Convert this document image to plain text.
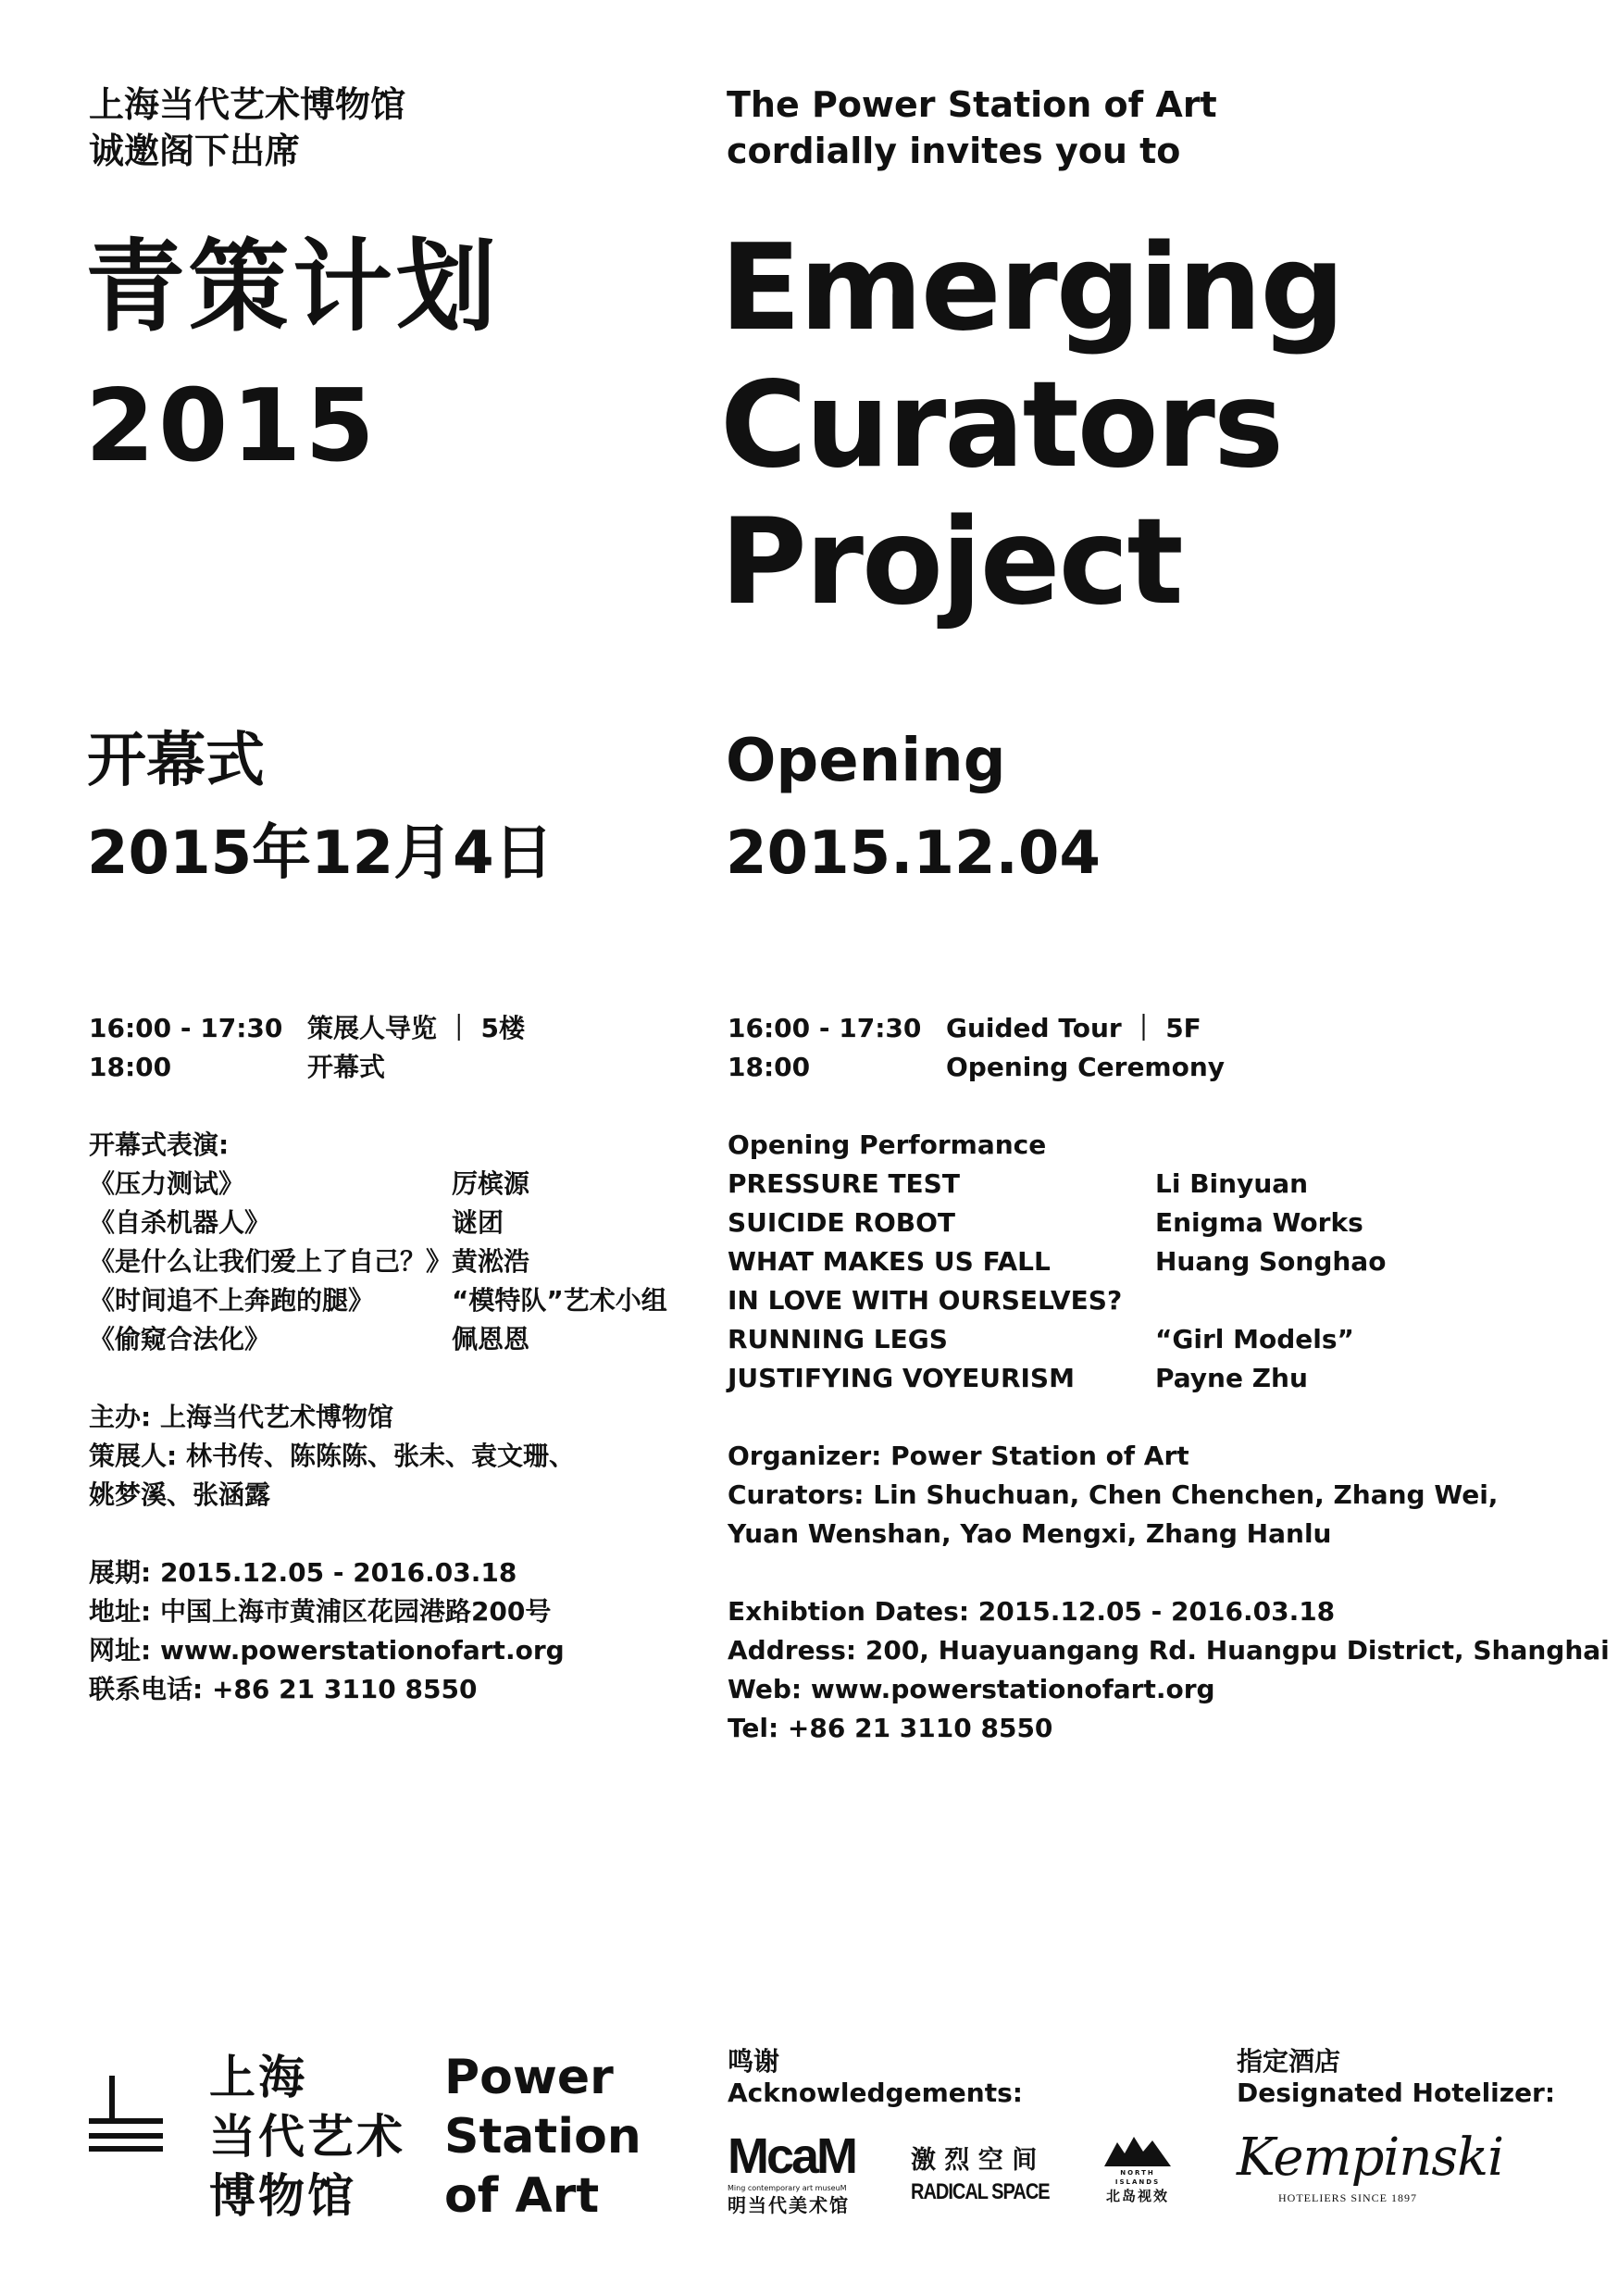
上海当代艺术博物馆
诚邀阁下出席
The Power Station of Art
cordially invites you to
青策计划
2015
Emerging
Curators
Project
开幕式
2015年12月4日
Opening
2015.12.04
16:00 - 17:30 策展人导览 ｜ 5楼
18:00	开幕式
开幕式表演:
《压力测试》	厉槟源
《自杀机器人》	谜团
《是什么让我们爱上了自己？》 黄淞浩
《时间追不上奔跑的腿》	“模特队”艺术小组
《偷窥合法化》	佩恩恩
主办: 上海当代艺术博物馆
策展人: 林书传、陈陈陈、张未、袁文珊、
姚梦溪、张涵露
展期: 2015.12.05 - 2016.03.18
地址: 中国上海市黄浦区花园港路200号
网址: www.powerstationofart.org
联系电话: +86 21 3110 8550
16:00 - 17:30 Guided Tour ｜ 5F
18:00	Opening Ceremony
Opening Performance
PRESSURE TEST	Li Binyuan
SUICIDE ROBOT	Enigma Works
WHAT MAKES US FALL	Huang Songhao
IN LOVE WITH OURSELVES?
RUNNING LEGS	“Girl Models”
JUSTIFYING VOYEURISM	Payne Zhu
Organizer: Power Station of Art
Curators: Lin Shuchuan, Chen Chenchen, Zhang Wei,
Yuan Wenshan, Yao Mengxi, Zhang Hanlu
Exhibtion Dates: 2015.12.05 - 2016.03.18
Address: 200, Huayuangang Rd. Huangpu District, Shanghai
Web: www.powerstationofart.org
Tel: +86 21 3110 8550
上海
当代艺术
博物馆
Power
Station
of Art
鸣谢
Acknowledgements:
指定酒店
Designated Hotelizer:
McaM
Ming contemporary art museuM
明当代美术馆
激 烈 空 间
RADICAL SPACE
NORTH ISLANDS
北岛视效
Kempinski
HOTELIERS SINCE 1897
